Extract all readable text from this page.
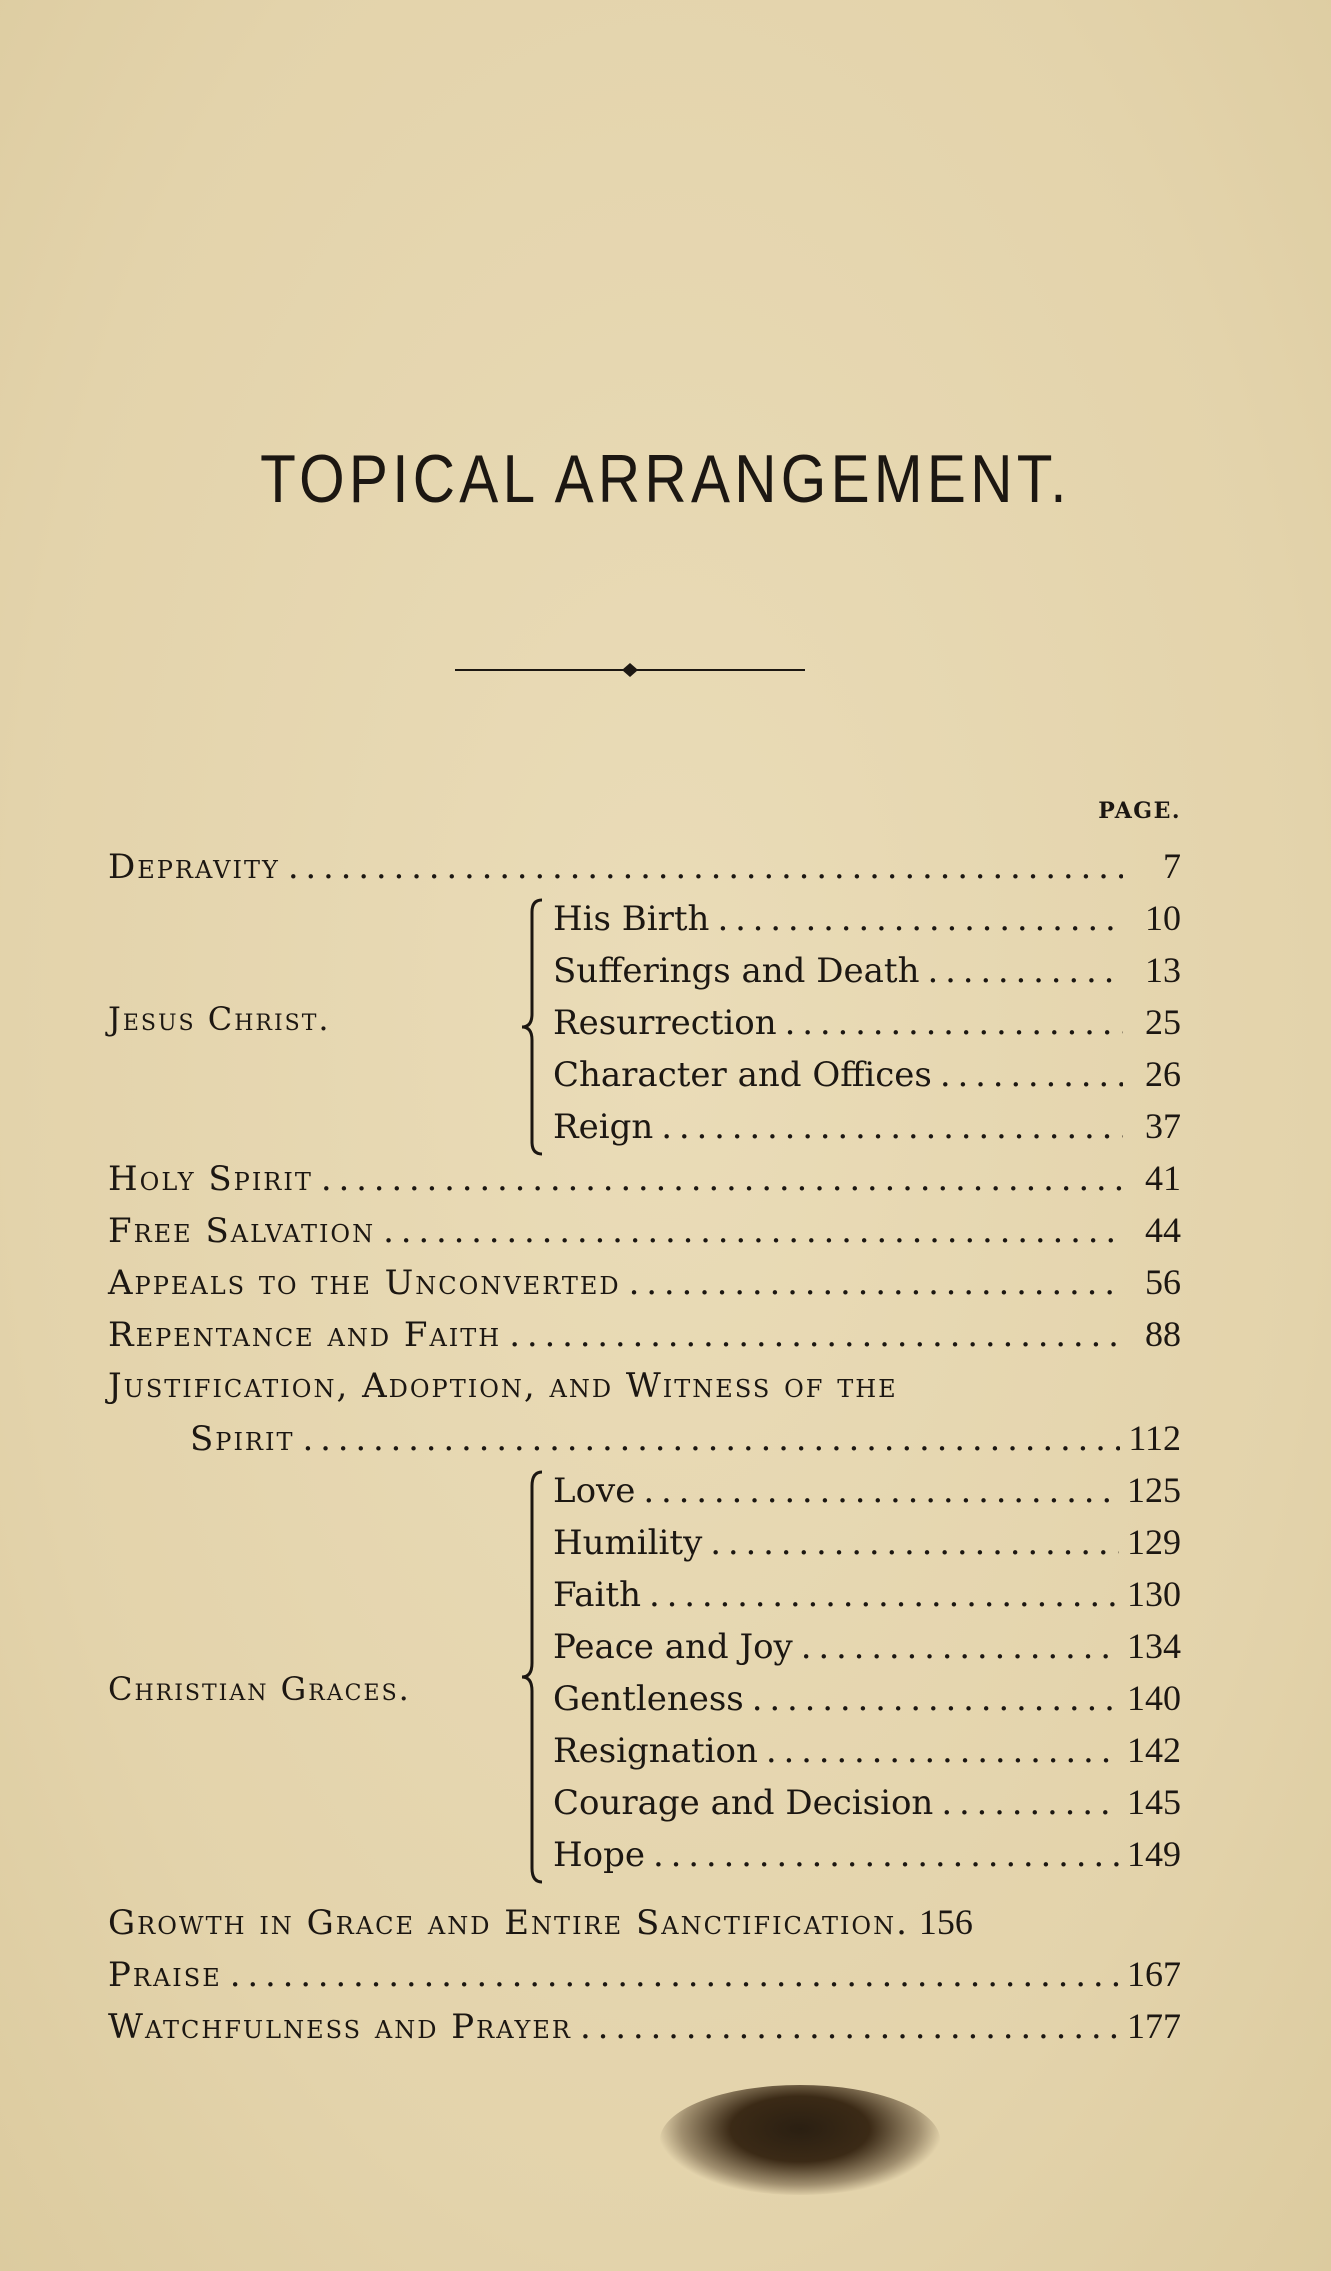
TOPICAL ARRANGEMENT.
PAGE.
Depravity . . .	7
Jesus Christ.
His Birth . . .	10
Sufferings and Death . . .	13
Resurrection . . .	25
Character and Offices . . .	26
Reign . . .	37
Holy Spirit . . .	41
Free Salvation . . .	44
Appeals to the Unconverted . . .	56
Repentance and Faith . . .	88
Justification, Adoption, and Witness of the
Spirit . . .	112
Christian Graces.
Love . . .	125
Humility . . .	129
Faith . . .	130
Peace and Joy . . .	134
Gentleness . . .	140
Resignation . . .	142
Courage and Decision . . .	145
Hope . . .	149
Growth in Grace and Entire Sanctification. 156
Praise . . .	167
Watchfulness and Prayer . . .	177
